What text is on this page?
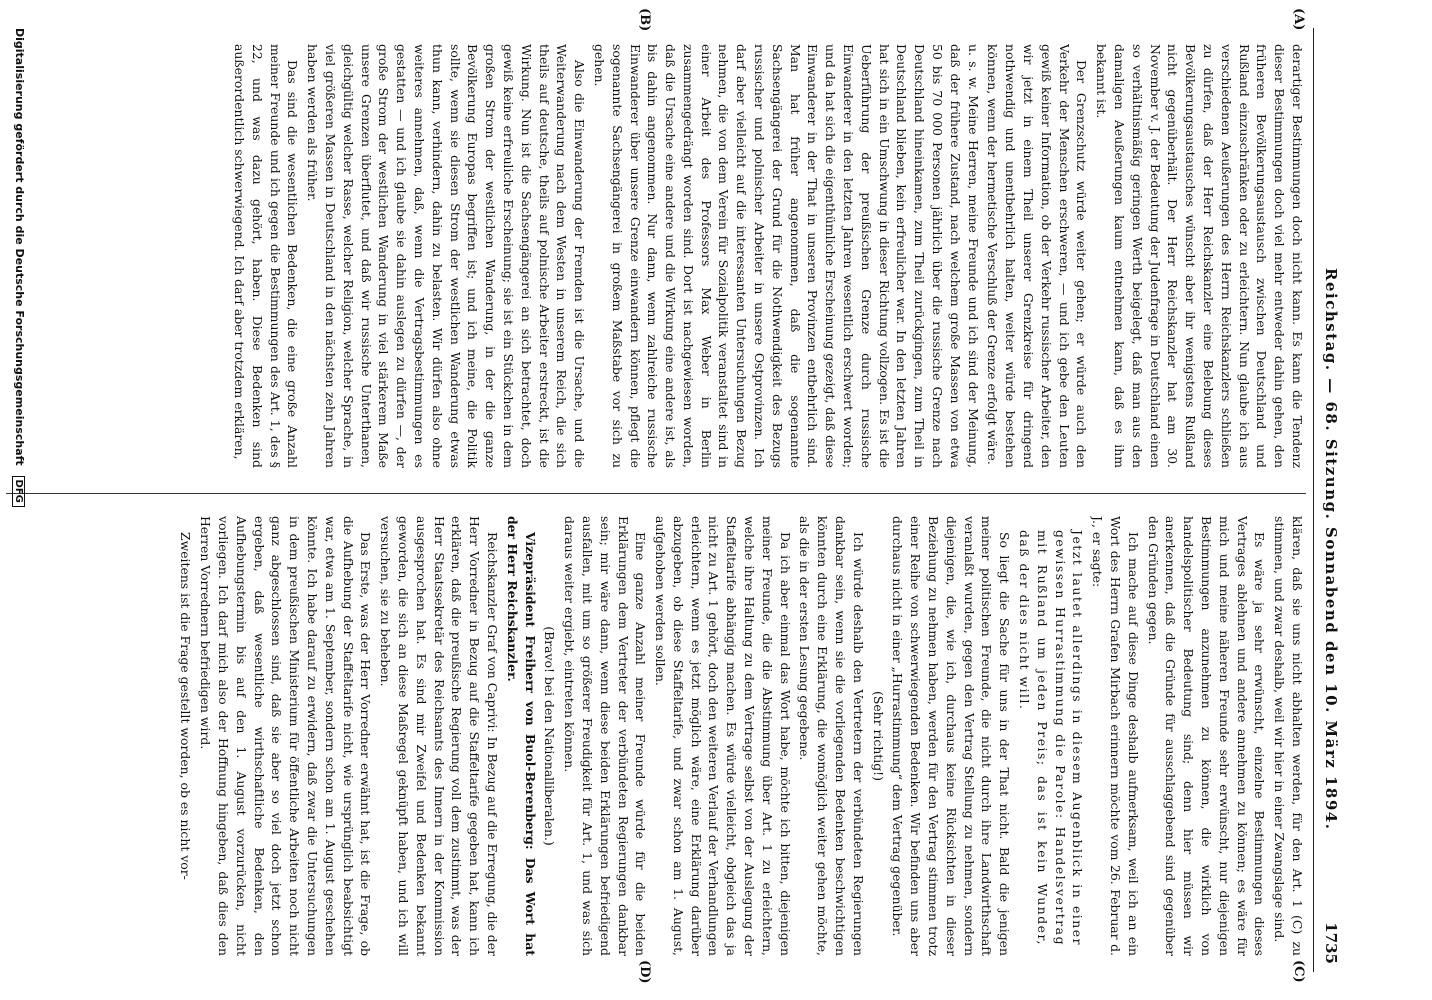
Reichstag. — 68. Sitzung. Sonnabend den 10. März 1894.
1735

derartiger Bestimmungen doch nicht kann. Es kann die Tendenz dieser Bestimmungen doch viel mehr entweder dahin gehen, den früheren Bevölkerungsaustausch zwischen Deutschland und Rußland einzuschränken oder zu erleichtern. Nun glaube ich aus verschiedenen Aeußerungen des Herrn Reichskanzlers schließen zu dürfen, daß der Herr Reichskanzler eine Belebung dieses Bevölkerungsaustausches wünscht aber ihr wenigstens Rußland nicht gegenüberhält. Der Herr Reichskanzler hat am 30. November v. J. der Bedeutung der Judenfrage in Deutschland einen so verhältnismäßig geringen Werth beigelegt, daß man aus den damaligen Aeußerungen kaum entnehmen kann, daß es ihm bekannt ist.

Der Grenzschutz würde weiter gehen; er würde auch den Verkehr der Menschen erschweren, — und ich gebe den Leuten gewiß keiner Information, ob der Verkehr russischer Arbeiter, den wir jetzt in einem Theil unserer Grenzkreise für dringend nothwendig und unentbehrlich halten, weiter würde bestehen können, wenn der hermetische Verschluß der Grenze erfolgt wäre.

u. s. w. Meine Herren, meine Freunde und ich sind der Meinung, daß der frühere Zustand, nach welchem große Massen von etwa 50 bis 70 000 Personen jährlich über die russische Grenze nach Deutschland hineinkamen, zum Theil zurückgingen, zum Theil in Deutschland blieben, kein erfreulicher war. In den letzten Jahren hat sich in ein Umschwung in dieser Richtung vollzogen. Es ist die Ueberführung der preußischen Grenze durch russische Einwanderer in den letzten Jahren wesentlich erschwert worden; und da hat sich die eigenthümliche Erscheinung gezeigt, daß diese Einwanderer in der That in unseren Provinzen entbehrlich sind. Man hat früher angenommen, daß die sogenannte Sachsengängerei der Grund für die Nothwendigkeit des Bezugs russischer und polnischer Arbeiter in unsere Ostprovinzen. Ich darf aber vielleicht auf die interessanten Untersuchungen Bezug nehmen, die von dem Verein für Sozialpolitik veranstaltet sind in einer Arbeit des Professors Max Weber in Berlin zusammengedrängt worden sind. Dort ist nachgewiesen worden, daß die Ursache eine andere und die Wirkung eine andere ist, als bis dahin angenommen. Nur dann, wenn zahlreiche russische Einwanderer über unsere Grenze einwandern können, pflegt die sogenannte Sachsengängerei in großem Maßstabe vor sich zu gehen.

Also die Einwanderung der Fremden ist die Ursache, und die Weiterwanderung nach dem Westen in unserem Reich, die sich theils auf deutsche, theils auf polnische Arbeiter erstreckt, ist die Wirkung. Nun ist die Sachsengängerei an sich betrachtet, doch gewiß keine erfreuliche Erscheinung; sie ist ein Stückchen in dem großen Strom der westlichen Wanderung, in der die ganze Bevölkerung Europas begriffen ist; und ich meine, die Politik sollte, wenn sie diesen Strom der westlichen Wanderung etwas thun kann, verhindern, dahin zu belasten. Wir dürfen also ohne weiteres annehmen, daß, wenn die Vertragsbestimmungen es gestatten — und ich glaube sie dahin auslegen zu dürfen —, der große Strom der westlichen Wanderung in viel stärkerem Maße unsere Grenzen überflutet, und daß wir russische Unterthanen, gleichgültig welcher Rasse, welcher Religion, welcher Sprache, in viel größeren Massen in Deutschland in den nächsten zehn Jahren haben werden als früher.

Das sind die wesentlichen Bedenken, die eine große Anzahl meiner Freunde und ich gegen die Bestimmungen des Art. 1, des § 22, und was dazu gehört, haben. Diese Bedenken sind außerordentlich schwerwiegend. Ich darf aber trotzdem erklären,

klären, daß sie uns nicht abhalten werden, für den Art. 1 (C) zu stimmen, und zwar deshalb, weil wir hier in einer Zwangslage sind.

Es wäre ja sehr erwünscht, einzelne Bestimmungen dieses Vertrages ablehnen und andere annehmen zu können; es wäre für mich und meine näheren Freunde sehr erwünscht, nur diejenigen Bestimmungen anzunehmen zu können, die wirklich von handelspolitischer Bedeutung sind; denn hier müssen wir anerkennen, daß die Gründe für ausschlaggebend sind gegenüber den Gründen gegen.

Ich mache auf diese Dinge deshalb aufmerksam, weil ich an ein Wort des Herrn Grafen Mirbach erinnern möchte vom 26. Februar d. J., er sagte:

Jetzt lautet allerdings in diesem Augenblick in einer gewissen Hurrastimmung die Parole: Handelsvertrag mit Rußland um jeden Preis; das ist kein Wunder, daß der dies nicht will.

So liegt die Sache für uns in der That nicht. Bald die jenigen meiner politischen Freunde, die nicht durch ihre Landwirthschaft veranlaßt wurden, gegen den Vertrag Stellung zu nehmen, sondern diejenigen, die, wie ich, durchaus keine Rücksichten in dieser Beziehung zu nehmen haben, werden für den Vertrag stimmen trotz einer Reihe von schwerwiegenden Bedenken. Wir befinden uns aber durchaus nicht in einer „Hurrastimmung“ dem Vertrag gegenüber.

(Sehr richtig!)

Ich würde deshalb den Vertretern der verbündeten Regierungen dankbar sein, wenn sie die vorliegenden Bedenken beschwichtigen könnten durch eine Erklärung, die womöglich weiter gehen möchte, als die in der ersten Lesung gegebene.

Da ich aber einmal das Wort habe, möchte ich bitten, diejenigen meiner Freunde, die die Abstimmung über Art. 1 zu erleichtern, welche ihre Haltung zu dem Vertrage selbst von der Auslegung der Staffeltarife abhängig machen. Es würde vielleicht, obgleich das ja nicht zu Art. 1 gehört, doch den weiteren Verlauf der Verhandlungen erleichtern, wenn es jetzt möglich wäre, eine Erklärung darüber abzugeben, ob diese Staffeltarife, und zwar schon am 1. August, aufgehoben werden sollen.

Eine ganze Anzahl meiner Freunde würde für die beiden Erklärungen dem Vertreter der verbündeten Regierungen dankbar sein; mir wäre dann, wenn diese beiden Erklärungen befriedigend ausfallen, mit um so größerer Freudigkeit für Art. 1, und was sich daraus weiter ergiebt, eintreten können.

(Bravo! bei den Nationalliberalen.)

Vizepräsident Freiherr von Buol-Berenberg: Das Wort hat der Herr Reichskanzler.

Reichskanzler Graf von Caprivi: In Bezug auf die Erregung, die der Herr Vorredner in Bezug auf die Staffeltarife gegeben hat, kann ich erklären, daß die preußische Regierung voll dem zustimmt, was der Herr Staatssekretär des Reichsamts des Innern in der Kommission ausgesprochen hat. Es sind mir Zweifel und Bedenken bekannt geworden, die sich an diese Maßregel geknüpft haben, und ich will versuchen, sie zu beheben.

Das Erste, was der Herr Vorredner erwähnt hat, ist die Frage, ob die Aufhebung der Staffeltarife nicht, wie ursprünglich beabsichtigt war, etwa am 1. September, sondern schon am 1. August geschehen könnte. Ich habe darauf zu erwidern, daß zwar die Untersuchungen in dem preußischen Ministerium für öffentliche Arbeiten noch nicht ganz abgeschlossen sind, daß sie aber so viel doch jetzt schon ergeben, daß wesentliche wirthschaftliche Bedenken, den Aufhebungstermin bis auf den 1. August vorzurücken, nicht vorliegen. Ich darf mich also der Hoffnung hingeben, daß dies den Herren Vorrednern befriedigen wird.

Zweitens ist die Frage gestellt worden, ob es nicht vor-

(A)
(B)
(C)
(D)
Digitalisierung gefördert durch die Deutsche Forschungsgemeinschaft DFG
